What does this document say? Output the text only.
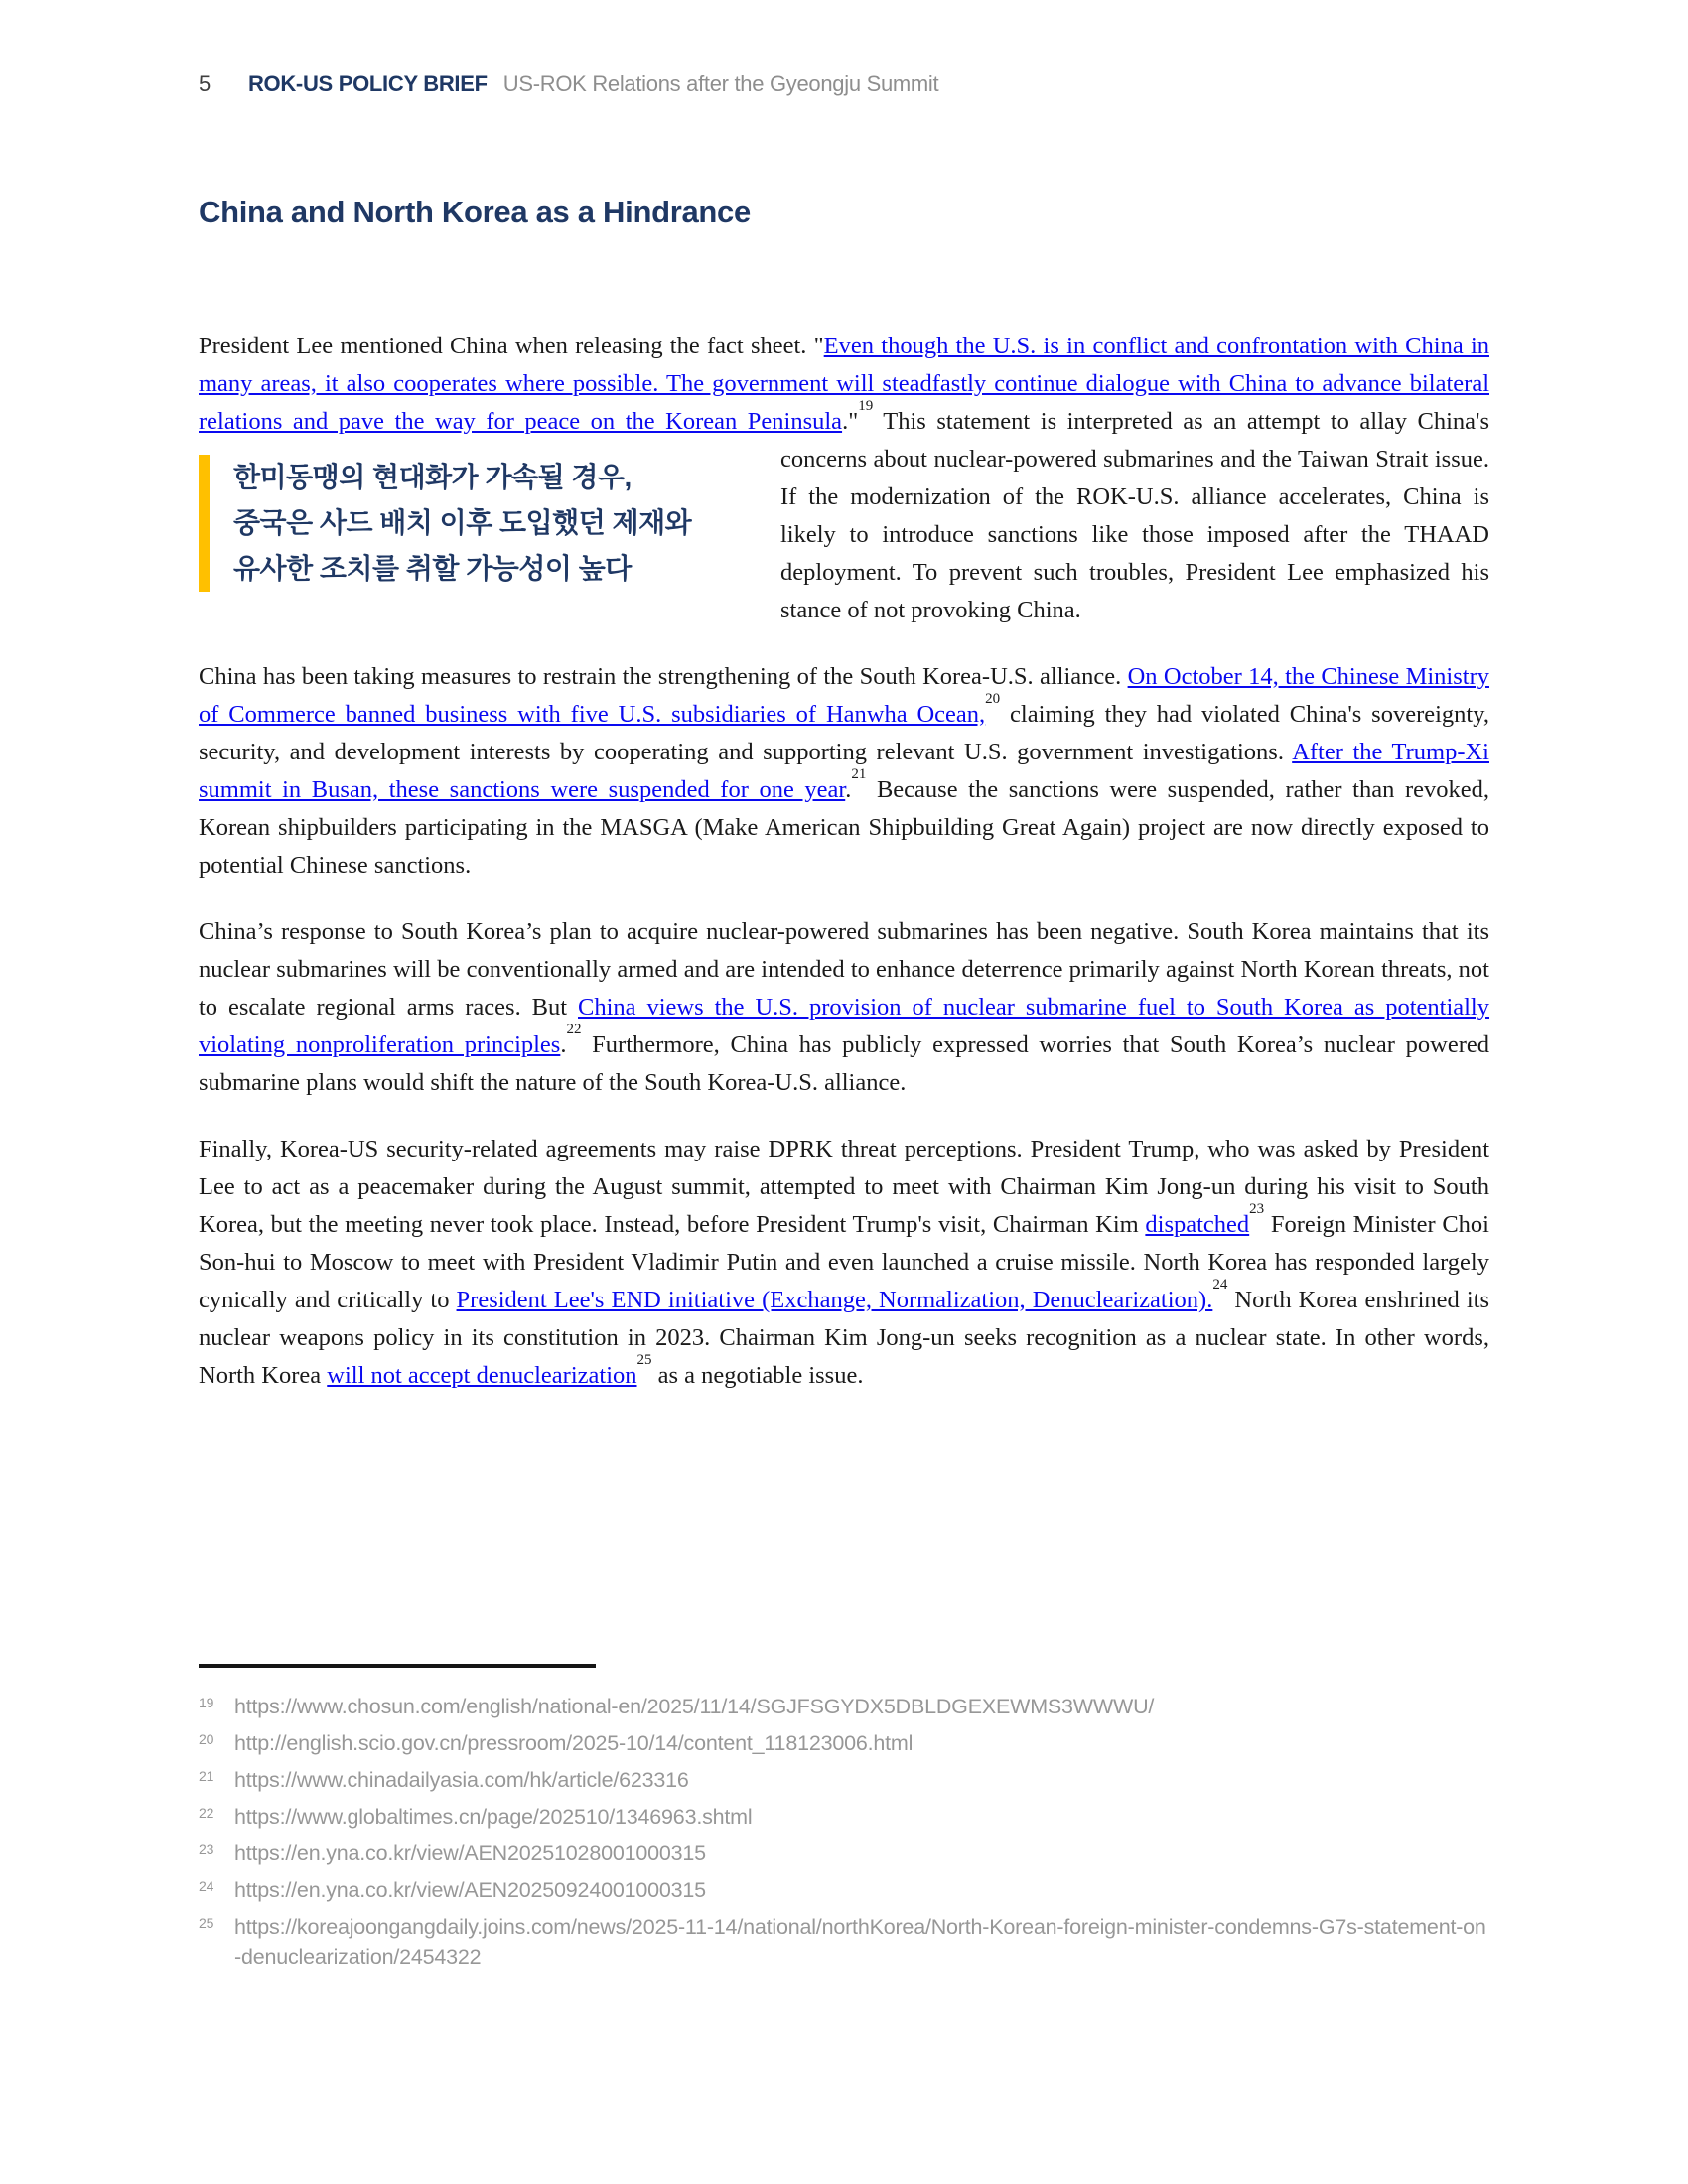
5 ROK-US POLICY BRIEF US-ROK Relations after the Gyeongju Summit
China and North Korea as a Hindrance

President Lee mentioned China when releasing the fact sheet. "Even though the U.S. is in conflict and confrontation with China in many areas, it also cooperates where possible. The government will steadfastly continue dialogue with China to advance bilateral relations and pave the way for peace on the Korean Peninsula."$^{19}$ This statement is interpreted as an attempt to allay China's concerns about nuclear-powered submarines and
한미동맹의 현대화가 가속될 경우,
중국은 사드 배치 이후 도입했던 제재와
유사한 조치를 취할 가능성이 높다
the Taiwan Strait issue. If the modernization of the ROK-U.S. alliance accelerates, China is likely to introduce sanctions like those imposed after the THAAD deployment. To prevent such troubles, President Lee emphasized his stance of not provoking China.

China has been taking measures to restrain the strengthening of the South Korea-U.S. alliance. On October 14, the Chinese Ministry of Commerce banned business with five U.S. subsidiaries of Hanwha Ocean,$^{20}$ claiming they had violated China's sovereignty, security, and development interests by cooperating and supporting relevant U.S. government investigations. After the Trump-Xi summit in Busan, these sanctions were suspended for one year.$^{21}$ Because the sanctions were suspended, rather than revoked, Korean shipbuilders participating in the MASGA (Make American Shipbuilding Great Again) project are now directly exposed to potential Chinese sanctions.

China’s response to South Korea’s plan to acquire nuclear-powered submarines has been negative. South Korea maintains that its nuclear submarines will be conventionally armed and are intended to enhance deterrence primarily against North Korean threats, not to escalate regional arms races. But China views the U.S. provision of nuclear submarine fuel to South Korea as potentially violating nonproliferation principles.$^{22}$ Furthermore, China has publicly expressed worries that South Korea’s nuclear powered submarine plans would shift the nature of the South Korea-U.S. alliance.

Finally, Korea-US security-related agreements may raise DPRK threat perceptions. President Trump, who was asked by President Lee to act as a peacemaker during the August summit, attempted to meet with Chairman Kim Jong-un during his visit to South Korea, but the meeting never took place. Instead, before President Trump's visit, Chairman Kim dispatched$^{23}$ Foreign Minister Choi Son-hui to Moscow to meet with President Vladimir Putin and even launched a cruise missile. North Korea has responded largely cynically and critically to President Lee's END initiative (Exchange, Normalization, Denuclearization).$^{24}$ North Korea enshrined its nuclear weapons policy in its constitution in 2023. Chairman Kim Jong-un seeks recognition as a nuclear state. In other words, North Korea will not accept denuclearization$^{25}$ as a negotiable issue.

19 https://www.chosun.com/english/national-en/2025/11/14/SGJFSGYDX5DBLDGEXEWMS3WWWU/
20 http://english.scio.gov.cn/pressroom/2025-10/14/content_118123006.html
21 https://www.chinadailyasia.com/hk/article/623316
22 https://www.globaltimes.cn/page/202510/1346963.shtml
23 https://en.yna.co.kr/view/AEN20251028001000315
24 https://en.yna.co.kr/view/AEN20250924001000315
25 https://koreajoongangdaily.joins.com/news/2025-11-14/national/northKorea/North-Korean-foreign-minister-condemns-G7s-statement-on-denuclearization/2454322
